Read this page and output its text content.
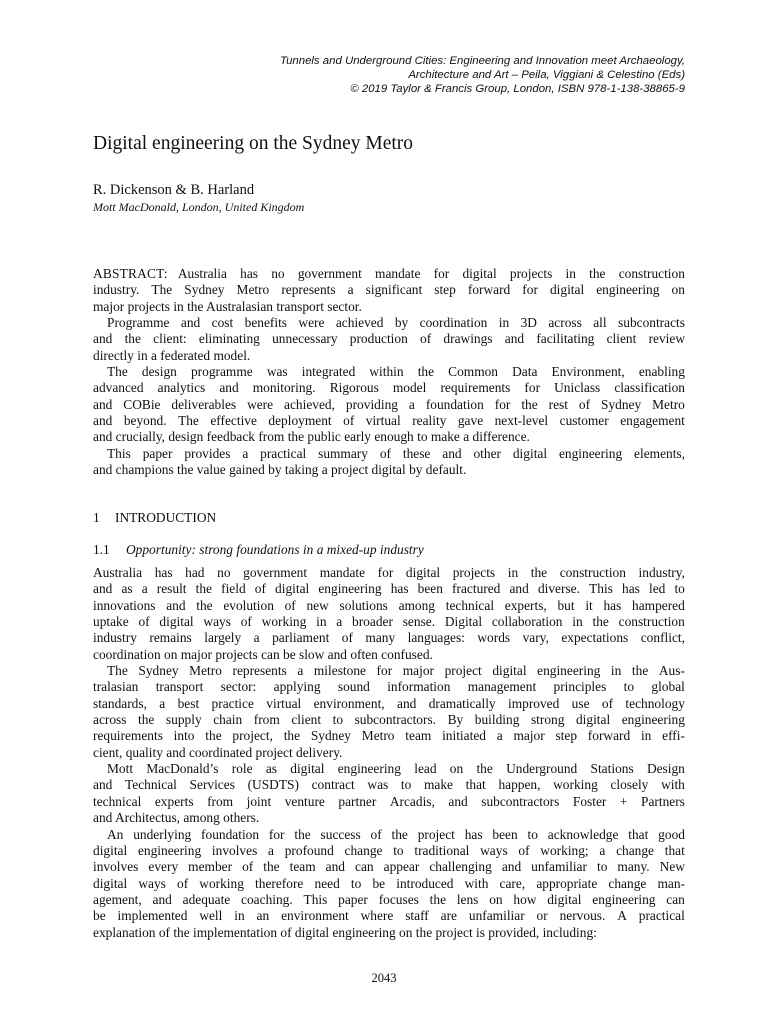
Tunnels and Underground Cities: Engineering and Innovation meet Archaeology,
Architecture and Art – Peila, Viggiani & Celestino (Eds)
© 2019 Taylor & Francis Group, London, ISBN 978-1-138-38865-9
Digital engineering on the Sydney Metro
R. Dickenson & B. Harland
Mott MacDonald, London, United Kingdom
ABSTRACT:
Australia has no government mandate for digital projects in the construction
industry. The Sydney Metro represents a significant step forward for digital engineering on
major projects in the Australasian transport sector.
Programme and cost benefits were achieved by coordination in 3D across all subcontracts
and the client: eliminating unnecessary production of drawings and facilitating client review
directly in a federated model.
The design programme was integrated within the Common Data Environment, enabling
advanced analytics and monitoring. Rigorous model requirements for Uniclass classification
and COBie deliverables were achieved, providing a foundation for the rest of Sydney Metro
and beyond. The effective deployment of virtual reality gave next-level customer engagement
and crucially, design feedback from the public early enough to make a difference.
This paper provides a practical summary of these and other digital engineering elements,
and champions the value gained by taking a project digital by default.
1 INTRODUCTION
1.1 Opportunity: strong foundations in a mixed-up industry
Australia has had no government mandate for digital projects in the construction industry,
and as a result the field of digital engineering has been fractured and diverse. This has led to
innovations and the evolution of new solutions among technical experts, but it has hampered
uptake of digital ways of working in a broader sense. Digital collaboration in the construction
industry remains largely a parliament of many languages: words vary, expectations conflict,
coordination on major projects can be slow and often confused.
The Sydney Metro represents a milestone for major project digital engineering in the Aus-
tralasian transport sector: applying sound information management principles to global
standards, a best practice virtual environment, and dramatically improved use of technology
across the supply chain from client to subcontractors. By building strong digital engineering
requirements into the project, the Sydney Metro team initiated a major step forward in effi-
cient, quality and coordinated project delivery.
Mott MacDonald’s role as digital engineering lead on the Underground Stations Design
and Technical Services (USDTS) contract was to make that happen, working closely with
technical experts from joint venture partner Arcadis, and subcontractors Foster + Partners
and Architectus, among others.
An underlying foundation for the success of the project has been to acknowledge that good
digital engineering involves a profound change to traditional ways of working; a change that
involves every member of the team and can appear challenging and unfamiliar to many. New
digital ways of working therefore need to be introduced with care, appropriate change man-
agement, and adequate coaching. This paper focuses the lens on how digital engineering can
be implemented well in an environment where staff are unfamiliar or nervous. A practical
explanation of the implementation of digital engineering on the project is provided, including:
2043
